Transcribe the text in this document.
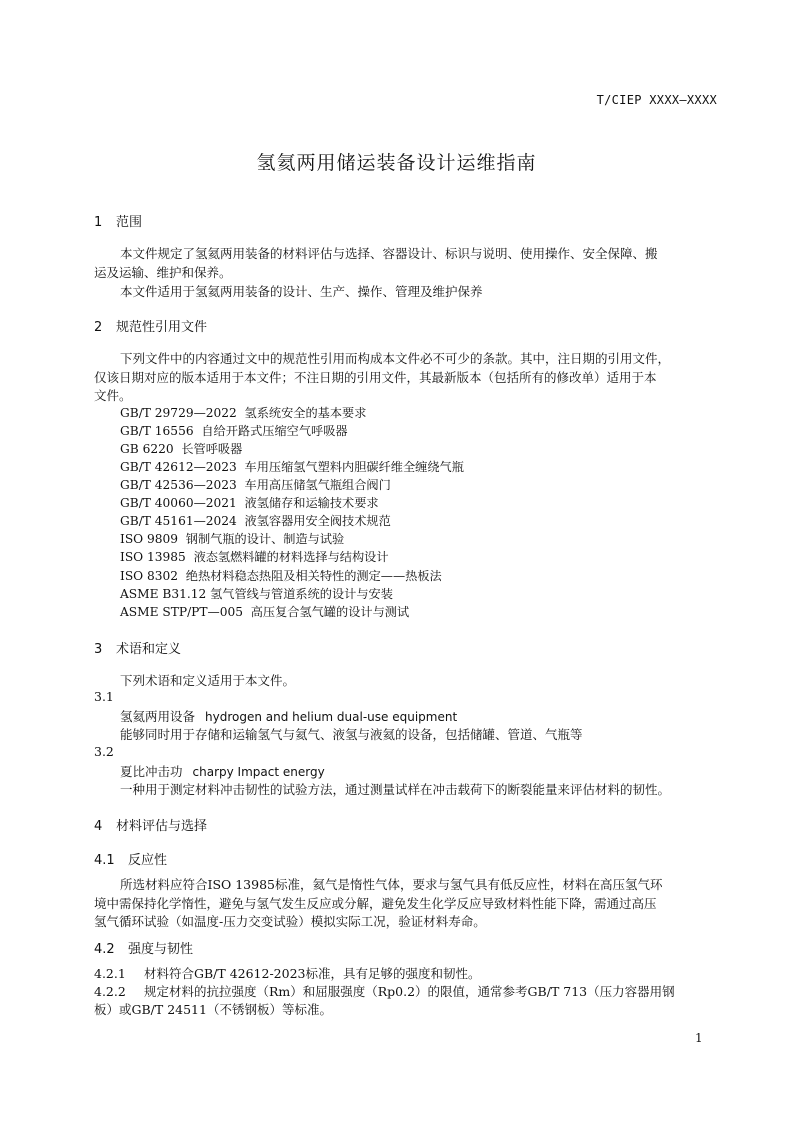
T/CIEP XXXX—XXXX
氢氦两用储运装备设计运维指南
1 范围
本文件规定了氢氦两用装备的材料评估与选择、容器设计、标识与说明、使用操作、安全保障、搬
运及运输、维护和保养。
本文件适用于氢氦两用装备的设计、生产、操作、管理及维护保养
2 规范性引用文件
下列文件中的内容通过文中的规范性引用而构成本文件必不可少的条款。其中，注日期的引用文件，
仅该日期对应的版本适用于本文件；不注日期的引用文件，其最新版本（包括所有的修改单）适用于本
文件。
GB/T 29729—2022 氢系统安全的基本要求
GB/T 16556 自给开路式压缩空气呼吸器
GB 6220 长管呼吸器
GB/T 42612—2023 车用压缩氢气塑料内胆碳纤维全缠绕气瓶
GB/T 42536—2023 车用高压储氢气瓶组合阀门
GB/T 40060—2021 液氢储存和运输技术要求
GB/T 45161—2024 液氢容器用安全阀技术规范
ISO 9809 钢制气瓶的设计、制造与试验
ISO 13985 液态氢燃料罐的材料选择与结构设计
ISO 8302 绝热材料稳态热阻及相关特性的测定——热板法
ASME B31.12 氢气管线与管道系统的设计与安装
ASME STP/PT—005 高压复合氢气罐的设计与测试
3 术语和定义
下列术语和定义适用于本文件。
3.1
氢氦两用设备 hydrogen and helium dual-use equipment
能够同时用于存储和运输氢气与氦气、液氢与液氦的设备，包括储罐、管道、气瓶等
3.2
夏比冲击功 charpy Impact energy
一种用于测定材料冲击韧性的试验方法，通过测量试样在冲击载荷下的断裂能量来评估材料的韧性。
4 材料评估与选择
4.1 反应性
所选材料应符合ISO 13985标准，氦气是惰性气体，要求与氢气具有低反应性，材料在高压氢气环
境中需保持化学惰性，避免与氢气发生反应或分解，避免发生化学反应导致材料性能下降，需通过高压
氢气循环试验（如温度-压力交变试验）模拟实际工况，验证材料寿命。
4.2 强度与韧性
4.2.1 材料符合GB/T 42612-2023标准，具有足够的强度和韧性。
4.2.2 规定材料的抗拉强度（Rm）和屈服强度（Rp0.2）的限值，通常参考GB/T 713（压力容器用钢
板）或GB/T 24511（不锈钢板）等标准。
1
